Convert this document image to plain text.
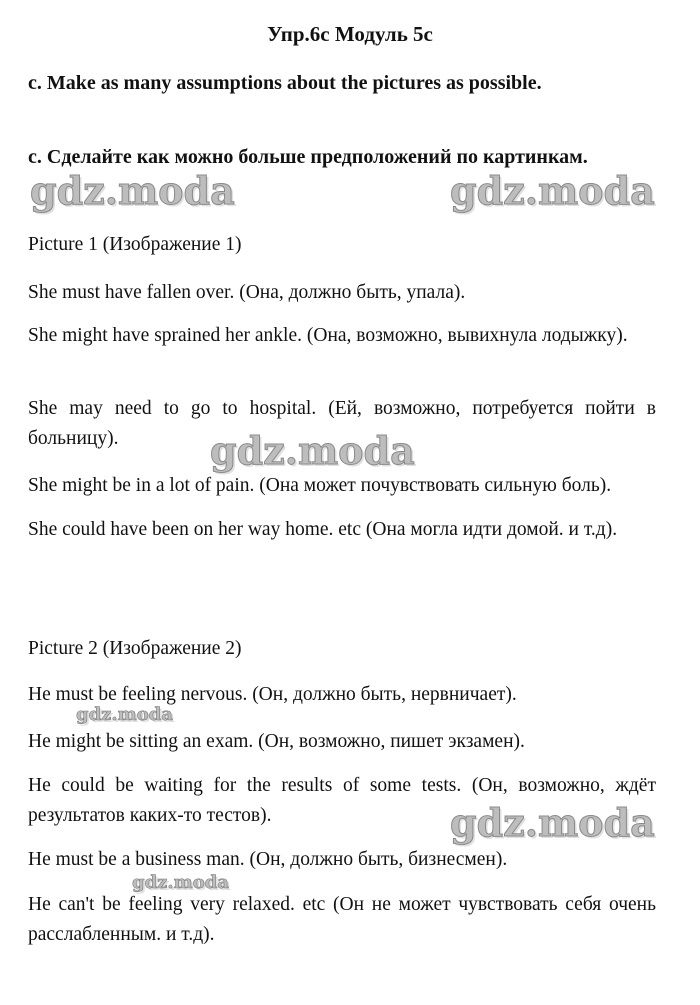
Упр.6с Модуль 5с
c. Make as many assumptions about the pictures as possible.
с. Сделайте как можно больше предположений по картинкам.
gdz.moda	gdz.moda
gdz.moda
gdz.moda
gdz.moda
gdz.moda
Picture 1 (Изображение 1)
She must have fallen over. (Она, должно быть, упала).
She might have sprained her ankle. (Она, возможно, вывихнула лодыжку).
She may need to go to hospital. (Ей, возможно, потребуется пойти в больницу).
She might be in a lot of pain. (Она может почувствовать сильную боль).
She could have been on her way home. etc (Она могла идти домой. и т.д).
Picture 2 (Изображение 2)
He must be feeling nervous. (Он, должно быть, нервничает).
He might be sitting an exam. (Он, возможно, пишет экзамен).
He could be waiting for the results of some tests. (Он, возможно, ждёт результатов каких-то тестов).
He must be a business man. (Он, должно быть, бизнесмен).
He can't be feeling very relaxed. etc (Он не может чувствовать себя очень расслабленным. и т.д).
